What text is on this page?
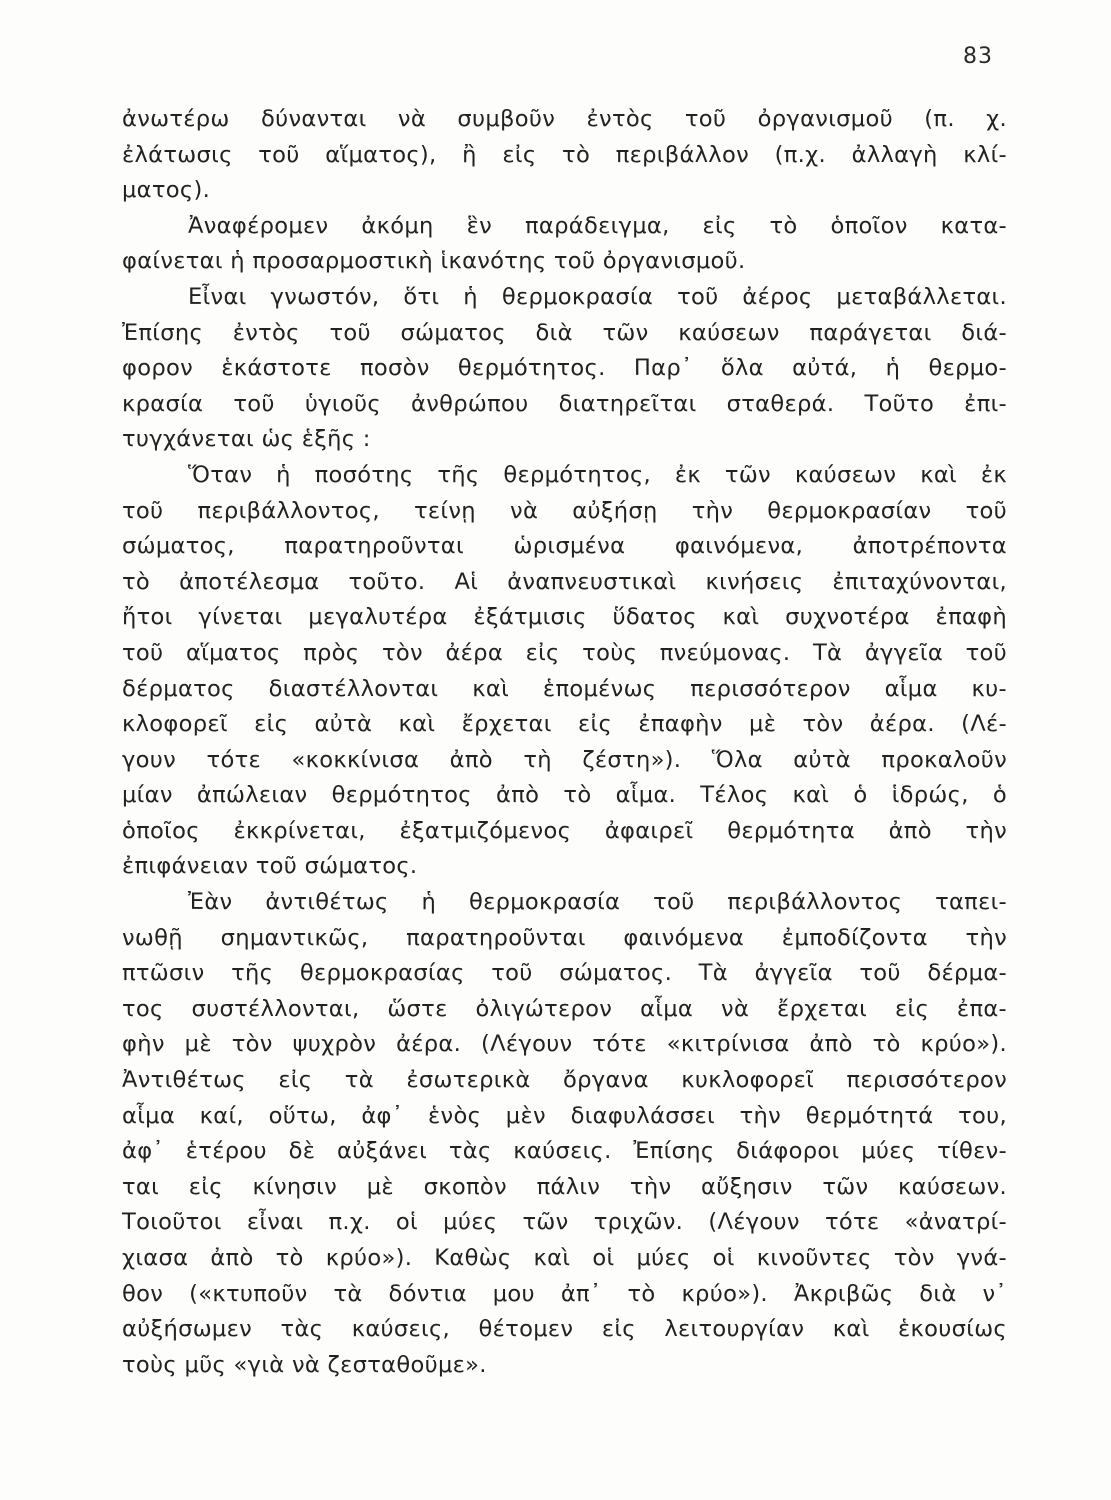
83
ἀνωτέρω δύνανται νὰ συμβοῦν ἐντὸς τοῦ ὀργανισμοῦ (π. χ.
ἐλάτωσις τοῦ αἵματος), ἢ εἰς τὸ περιβάλλον (π.χ. ἀλλαγὴ κλί-
ματος).
Ἀναφέρομεν ἀκόμη ἓν παράδειγμα, εἰς τὸ ὁποῖον κατα-
φαίνεται ἡ προσαρμοστικὴ ἱκανότης τοῦ ὀργανισμοῦ.
Εἶναι γνωστόν, ὅτι ἡ θερμοκρασία τοῦ ἀέρος μεταβάλλεται.
Ἐπίσης ἐντὸς τοῦ σώματος διὰ τῶν καύσεων παράγεται διά-
φορον ἑκάστοτε ποσὸν θερμότητος. Παρ᾿ ὅλα αὐτά, ἡ θερμο-
κρασία τοῦ ὑγιοῦς ἀνθρώπου διατηρεῖται σταθερά. Τοῦτο ἐπι-
τυγχάνεται ὡς ἑξῆς :
Ὅταν ἡ ποσότης τῆς θερμότητος, ἐκ τῶν καύσεων καὶ ἐκ
τοῦ περιβάλλοντος, τείνῃ νὰ αὐξήσῃ τὴν θερμοκρασίαν τοῦ
σώματος, παρατηροῦνται ὡρισμένα φαινόμενα, ἀποτρέποντα
τὸ ἀποτέλεσμα τοῦτο. Αἱ ἀναπνευστικαὶ κινήσεις ἐπιταχύνονται,
ἤτοι γίνεται μεγαλυτέρα ἐξάτμισις ὕδατος καὶ συχνοτέρα ἐπαφὴ
τοῦ αἵματος πρὸς τὸν ἀέρα εἰς τοὺς πνεύμονας. Τὰ ἀγγεῖα τοῦ
δέρματος διαστέλλονται καὶ ἑπομένως περισσότερον αἷμα κυ-
κλοφορεῖ εἰς αὐτὰ καὶ ἔρχεται εἰς ἐπαφὴν μὲ τὸν ἀέρα. (Λέ-
γουν τότε «κοκκίνισα ἀπὸ τὴ ζέστη»). Ὅλα αὐτὰ προκαλοῦν
μίαν ἀπώλειαν θερμότητος ἀπὸ τὸ αἷμα. Τέλος καὶ ὁ ἱδρώς, ὁ
ὁποῖος ἐκκρίνεται, ἐξατμιζόμενος ἀφαιρεῖ θερμότητα ἀπὸ τὴν
ἐπιφάνειαν τοῦ σώματος.
Ἐὰν ἀντιθέτως ἡ θερμοκρασία τοῦ περιβάλλοντος ταπει-
νωθῇ σημαντικῶς, παρατηροῦνται φαινόμενα ἐμποδίζοντα τὴν
πτῶσιν τῆς θερμοκρασίας τοῦ σώματος. Τὰ ἀγγεῖα τοῦ δέρμα-
τος συστέλλονται, ὥστε ὀλιγώτερον αἷμα νὰ ἔρχεται εἰς ἐπα-
φὴν μὲ τὸν ψυχρὸν ἀέρα. (Λέγουν τότε «κιτρίνισα ἀπὸ τὸ κρύο»).
Ἀντιθέτως εἰς τὰ ἐσωτερικὰ ὄργανα κυκλοφορεῖ περισσότερον
αἷμα καί, οὕτω, ἀφ᾿ ἑνὸς μὲν διαφυλάσσει τὴν θερμότητά του,
ἀφ᾿ ἑτέρου δὲ αὐξάνει τὰς καύσεις. Ἐπίσης διάφοροι μύες τίθεν-
ται εἰς κίνησιν μὲ σκοπὸν πάλιν τὴν αὔξησιν τῶν καύσεων.
Τοιοῦτοι εἶναι π.χ. οἱ μύες τῶν τριχῶν. (Λέγουν τότε «ἀνατρί-
χιασα ἀπὸ τὸ κρύο»). Καθὼς καὶ οἱ μύες οἱ κινοῦντες τὸν γνά-
θον («κτυποῦν τὰ δόντια μου ἀπ᾿ τὸ κρύο»). Ἀκριβῶς διὰ ν᾿
αὐξήσωμεν τὰς καύσεις, θέτομεν εἰς λειτουργίαν καὶ ἑκουσίως
τοὺς μῦς «γιὰ νὰ ζεσταθοῦμε».
